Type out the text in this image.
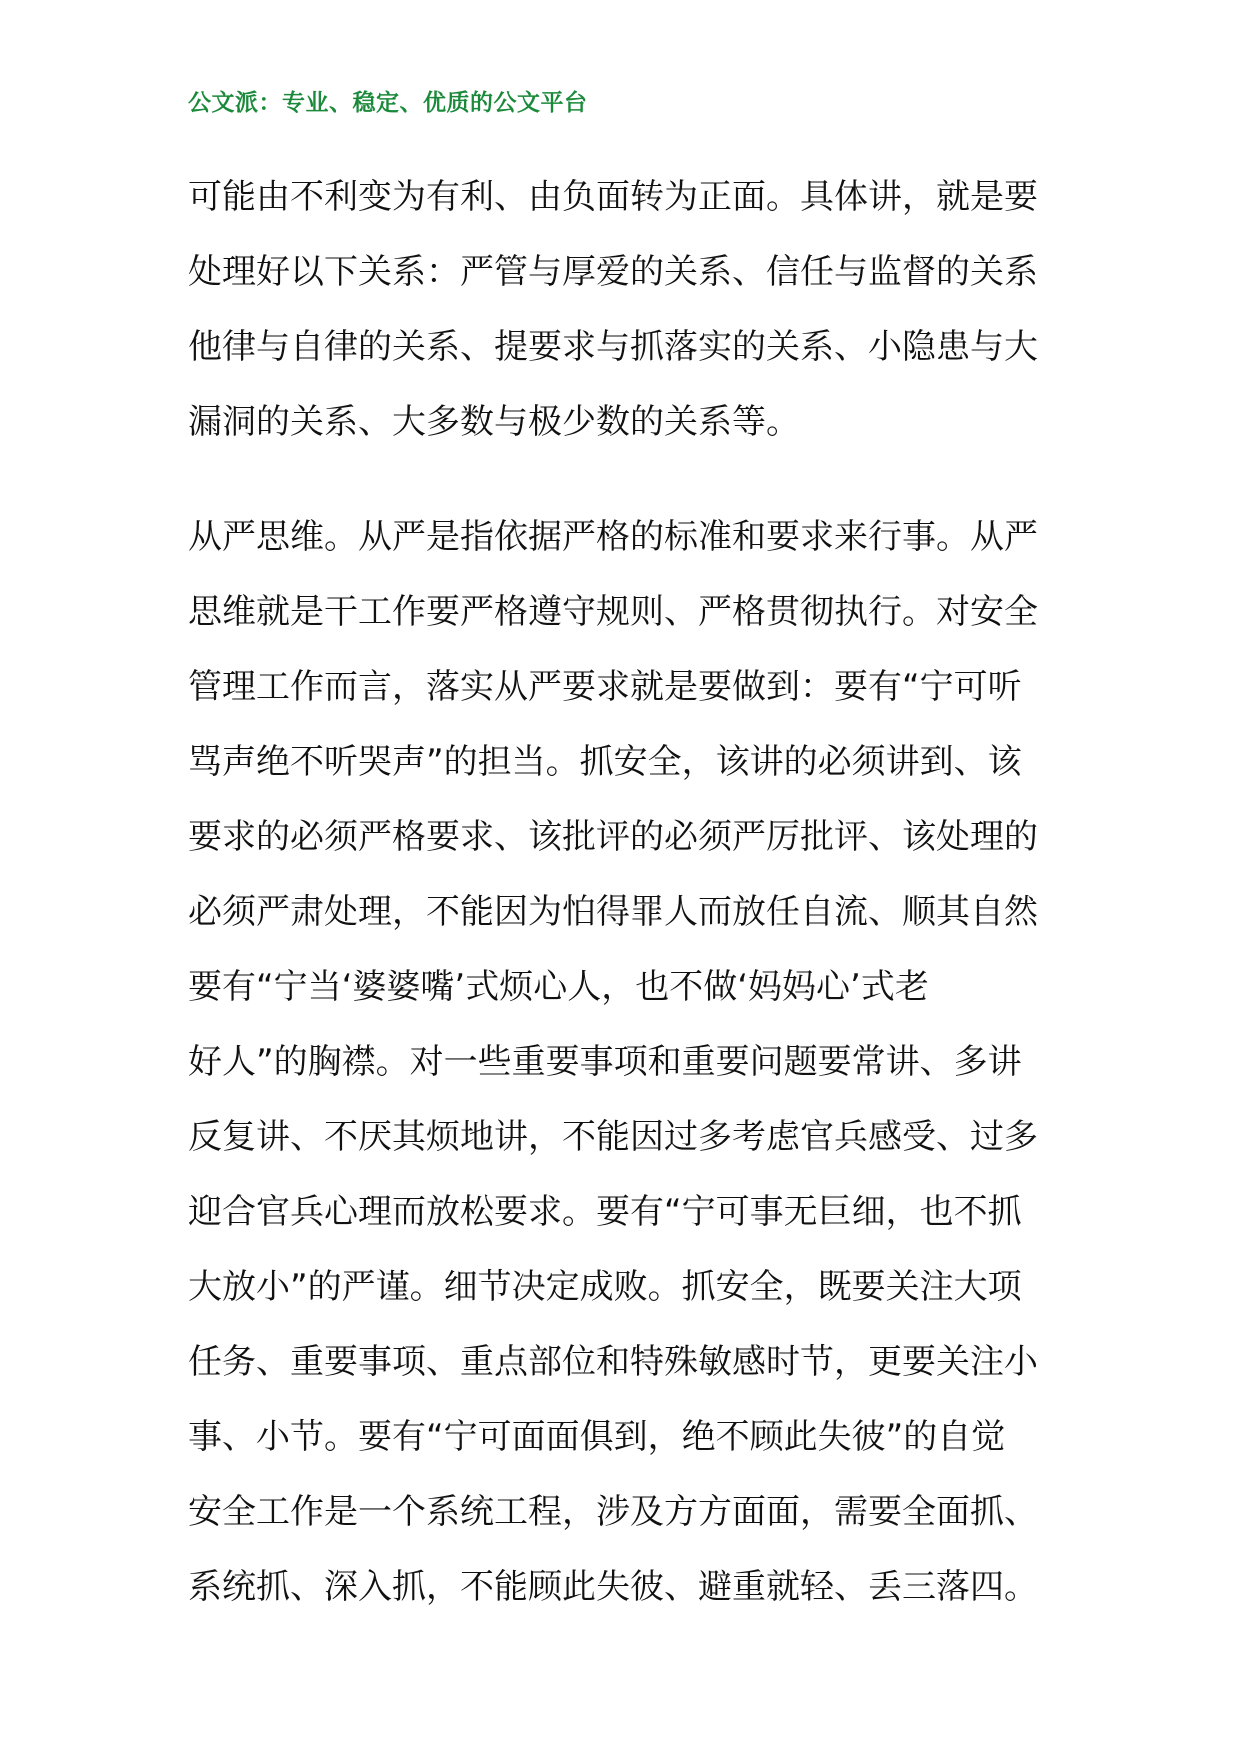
公文派：专业、稳定、优质的公文平台
可能由不利变为有利、由负面转为正面。具体讲，就是要
处理好以下关系：严管与厚爱的关系、信任与监督的关系
他律与自律的关系、提要求与抓落实的关系、小隐患与大
漏洞的关系、大多数与极少数的关系等。
从严思维。从严是指依据严格的标准和要求来行事。从严
思维就是干工作要严格遵守规则、严格贯彻执行。对安全
管理工作而言，落实从严要求就是要做到：要有“宁可听
骂声绝不听哭声”的担当。抓安全，该讲的必须讲到、该
要求的必须严格要求、该批评的必须严厉批评、该处理的
必须严肃处理，不能因为怕得罪人而放任自流、顺其自然
要有“宁当‘婆婆嘴’式烦心人，也不做‘妈妈心’式老
好人”的胸襟。对一些重要事项和重要问题要常讲、多讲
反复讲、不厌其烦地讲，不能因过多考虑官兵感受、过多
迎合官兵心理而放松要求。要有“宁可事无巨细，也不抓
大放小”的严谨。细节决定成败。抓安全，既要关注大项
任务、重要事项、重点部位和特殊敏感时节，更要关注小
事、小节。要有“宁可面面俱到，绝不顾此失彼”的自觉
安全工作是一个系统工程，涉及方方面面，需要全面抓、
系统抓、深入抓，不能顾此失彼、避重就轻、丢三落四。
